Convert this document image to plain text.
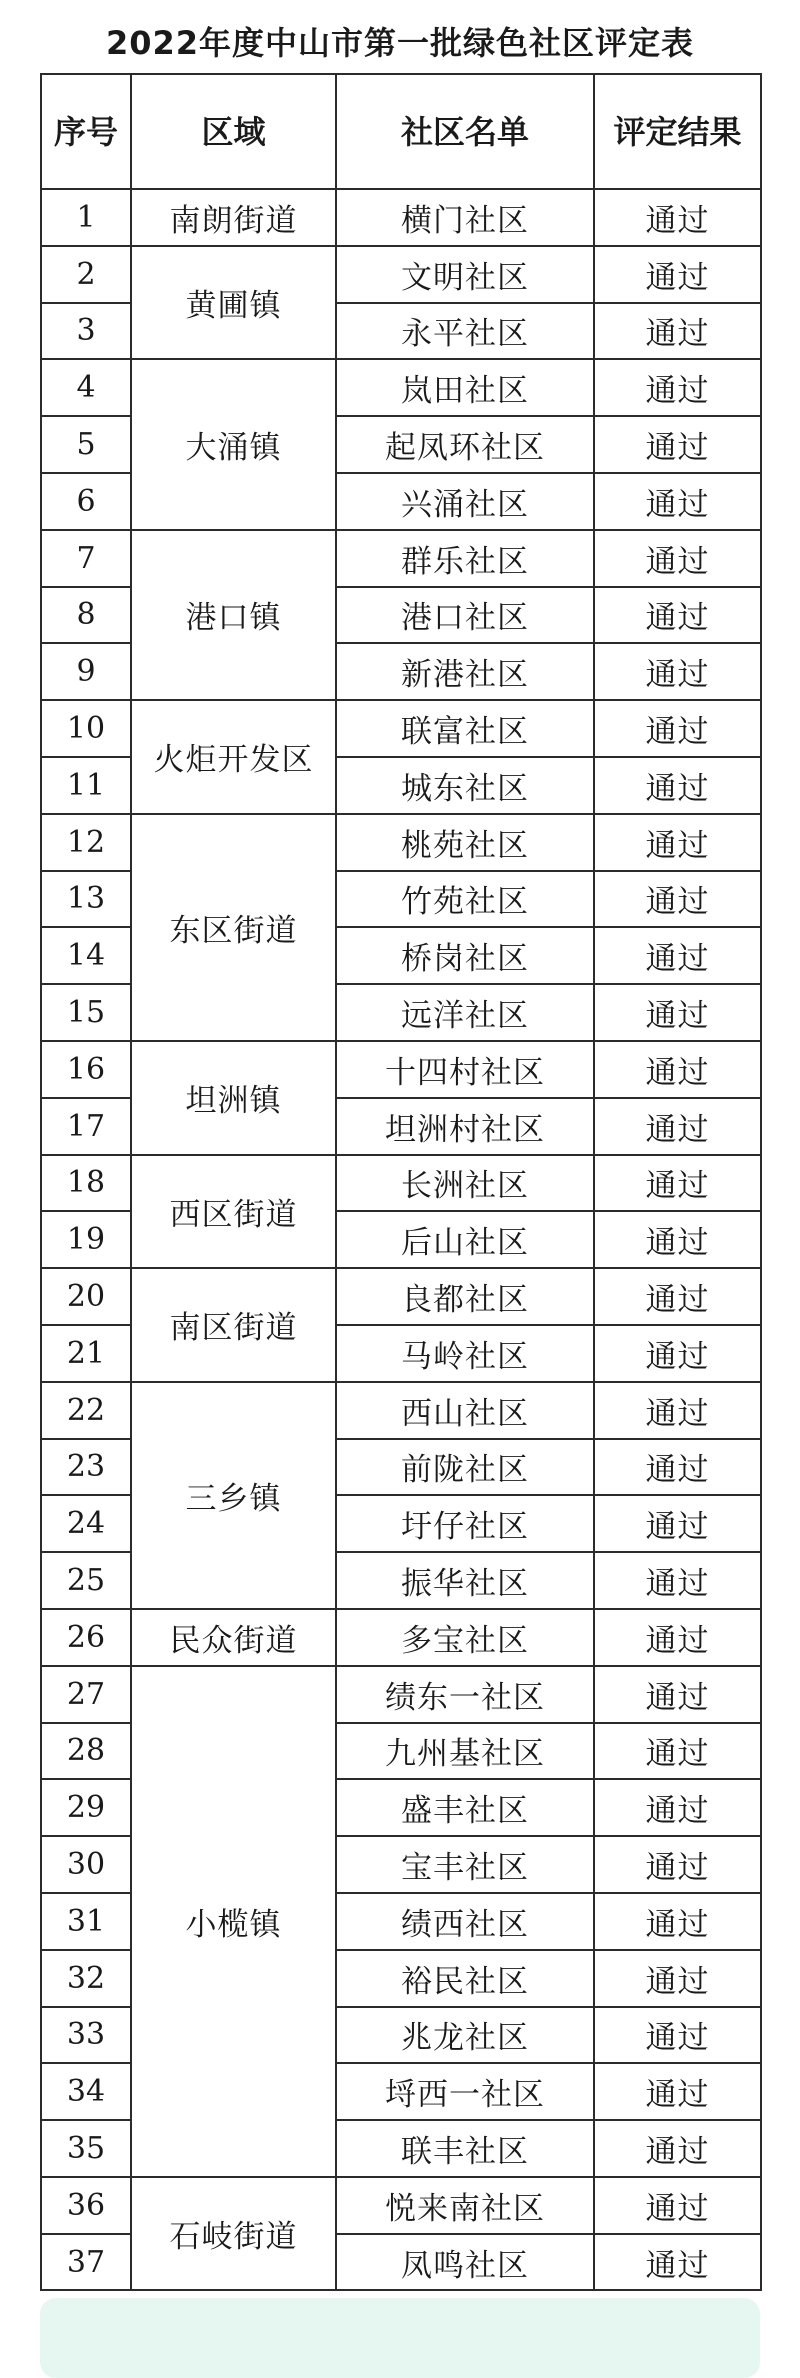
2022年度中山市第一批绿色社区评定表
序号	区域	社区名单	评定结果
1	南朗街道	横门社区	通过
2	黄圃镇	文明社区	通过
3		永平社区	通过
4	大涌镇	岚田社区	通过
5		起凤环社区	通过
6		兴涌社区	通过
7	港口镇	群乐社区	通过
8		港口社区	通过
9		新港社区	通过
10	火炬开发区	联富社区	通过
11		城东社区	通过
12	东区街道	桃苑社区	通过
13		竹苑社区	通过
14		桥岗社区	通过
15		远洋社区	通过
16	坦洲镇	十四村社区	通过
17		坦洲村社区	通过
18	西区街道	长洲社区	通过
19		后山社区	通过
20	南区街道	良都社区	通过
21		马岭社区	通过
22	三乡镇	西山社区	通过
23		前陇社区	通过
24		圩仔社区	通过
25		振华社区	通过
26	民众街道	多宝社区	通过
27	小榄镇	绩东一社区	通过
28		九州基社区	通过
29		盛丰社区	通过
30		宝丰社区	通过
31		绩西社区	通过
32		裕民社区	通过
33		兆龙社区	通过
34		埒西一社区	通过
35		联丰社区	通过
36	石岐街道	悦来南社区	通过
37		凤鸣社区	通过
